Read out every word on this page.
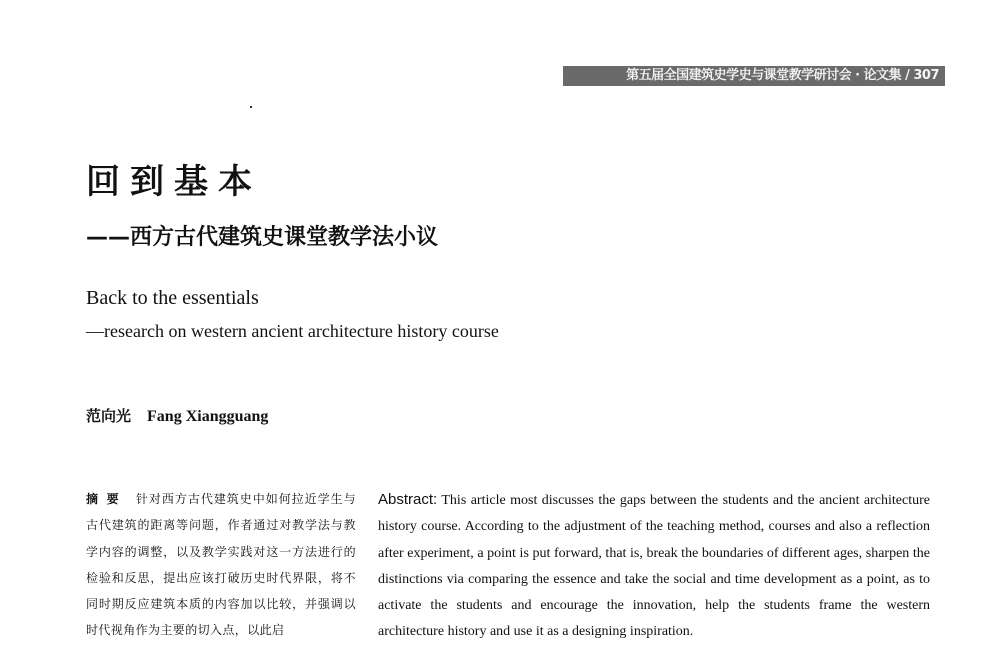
第五届全国建筑史学史与课堂教学研讨会 · 论文集 / 307
回到基本
——西方古代建筑史课堂教学法小议
Back to the essentials
—research on western ancient architecture history course
范向光 Fang Xiangguang
摘要 针对西方古代建筑史中如何拉近学生与古代建筑的距离等问题，作者通过对教学法与教学内容的调整，以及教学实践对这一方法进行的检验和反思，提出应该打破历史时代界限，将不同时期反应建筑本质的内容加以比较，并强调以时代视角作为主要的切入点，以此启
Abstract: This article most discusses the gaps between the students and the ancient architecture history course. According to the adjustment of the teaching method, courses and also a reflection after experiment, a point is put forward, that is, break the boundaries of different ages, sharpen the distinctions via comparing the essence and take the social and time development as a point, as to activate the students and encourage the innovation, help the students frame the western architecture history and use it as a designing inspiration.
